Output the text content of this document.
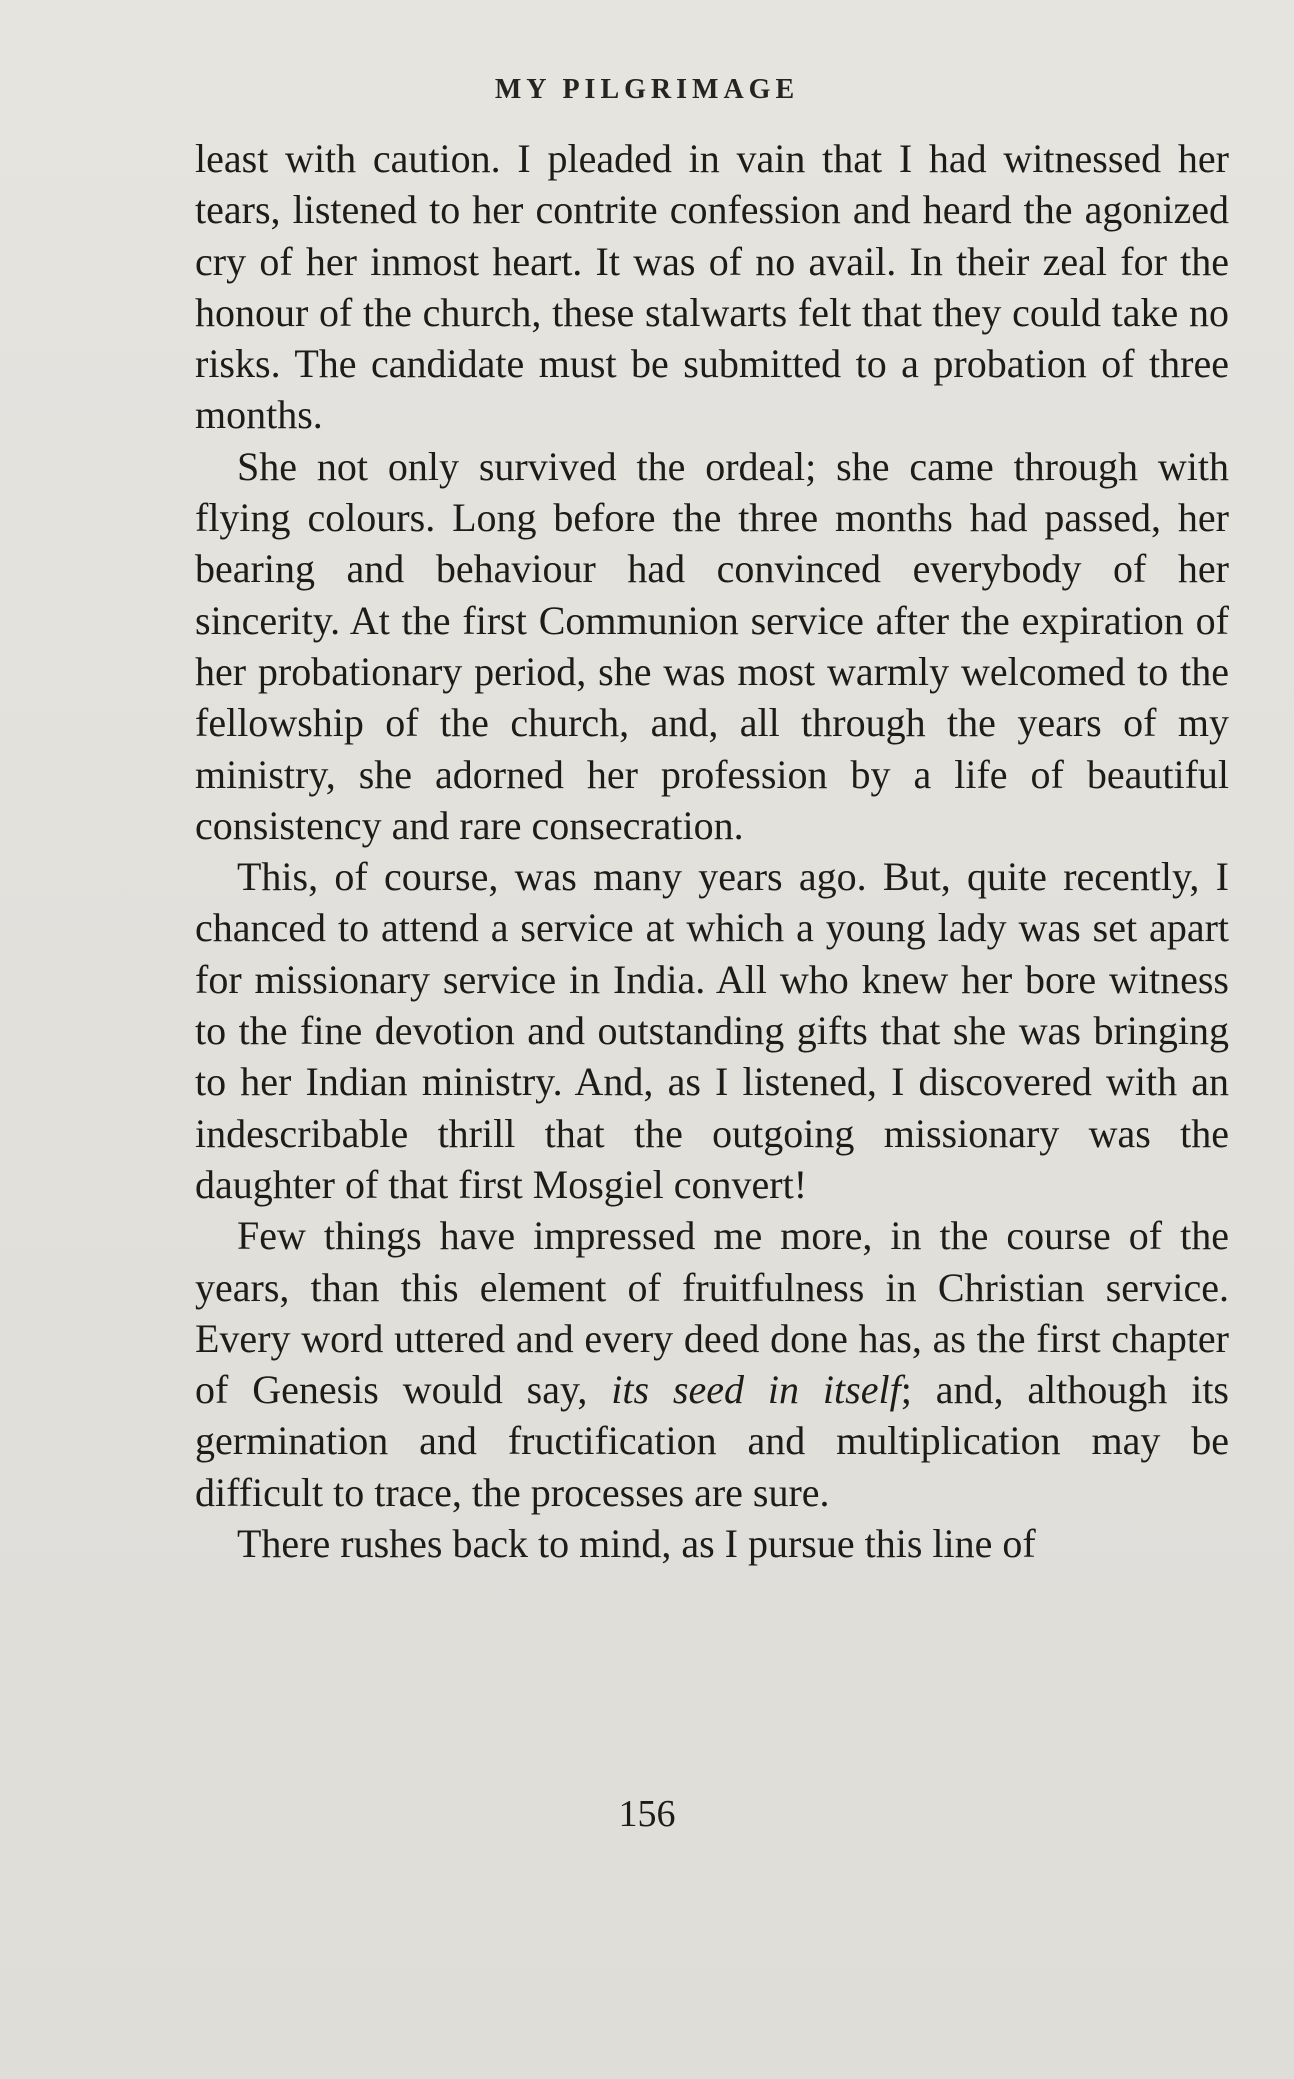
MY PILGRIMAGE

least with caution. I pleaded in vain that I had witnessed her tears, listened to her contrite confession and heard the agonized cry of her inmost heart. It was of no avail. In their zeal for the honour of the church, these stalwarts felt that they could take no risks. The candidate must be submitted to a probation of three months.

She not only survived the ordeal; she came through with flying colours. Long before the three months had passed, her bearing and behaviour had convinced everybody of her sincerity. At the first Communion service after the expiration of her probationary period, she was most warmly welcomed to the fellowship of the church, and, all through the years of my ministry, she adorned her profession by a life of beautiful consistency and rare consecration.

This, of course, was many years ago. But, quite recently, I chanced to attend a service at which a young lady was set apart for missionary service in India. All who knew her bore witness to the fine devotion and outstanding gifts that she was bringing to her Indian ministry. And, as I listened, I discovered with an indescribable thrill that the outgoing missionary was the daughter of that first Mosgiel convert!

Few things have impressed me more, in the course of the years, than this element of fruitfulness in Christian service. Every word uttered and every deed done has, as the first chapter of Genesis would say, its seed in itself; and, although its germination and fructification and multiplication may be difficult to trace, the processes are sure.

There rushes back to mind, as I pursue this line of

156
